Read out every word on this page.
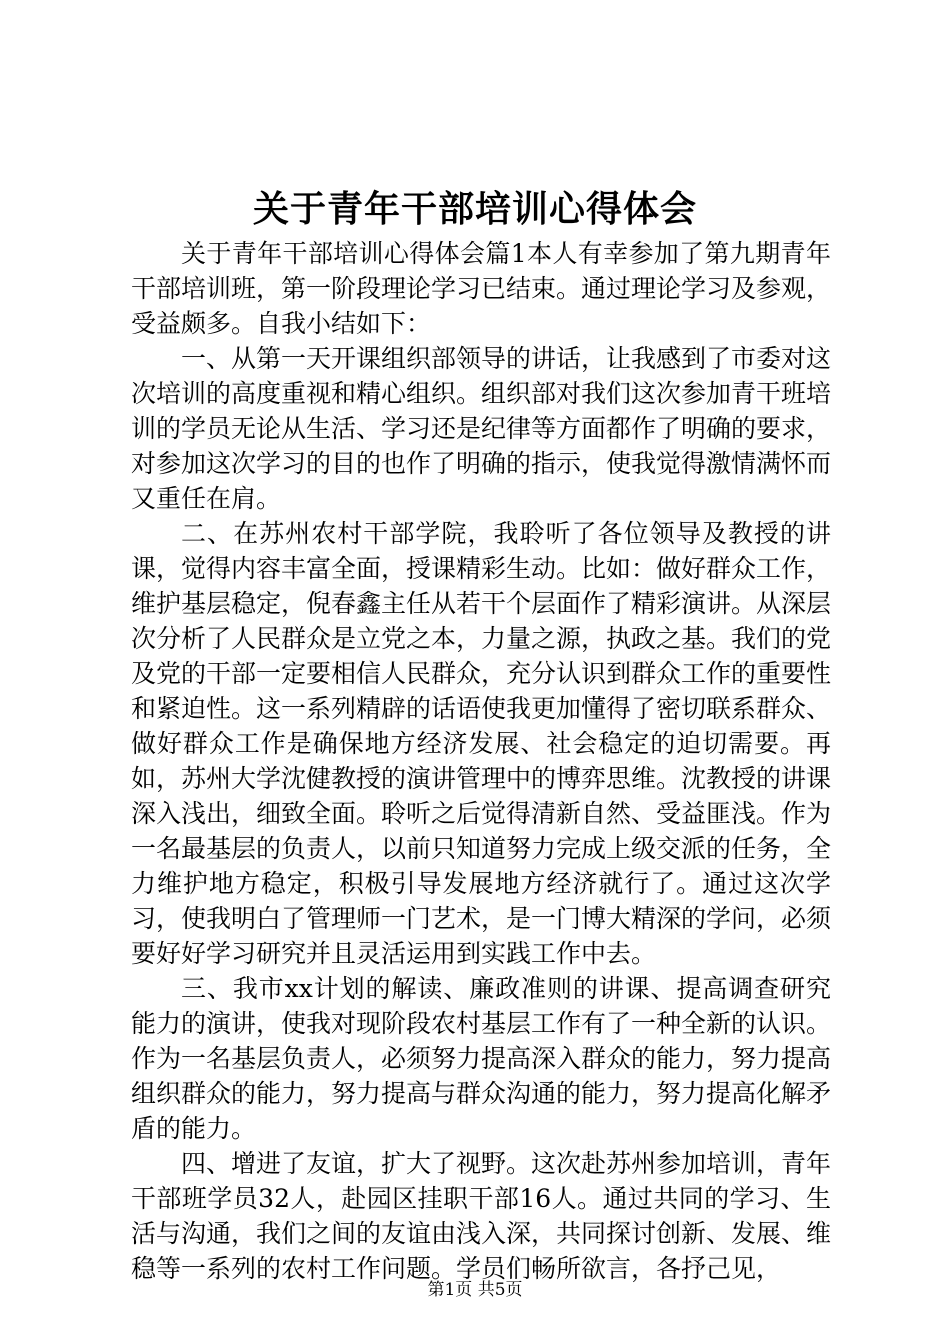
关于青年干部培训心得体会

关于青年干部培训心得体会篇1本人有幸参加了第九期青年干部培训班，第一阶段理论学习已结束。通过理论学习及参观，受益颇多。自我小结如下：

一、从第一天开课组织部领导的讲话，让我感到了市委对这次培训的高度重视和精心组织。组织部对我们这次参加青干班培训的学员无论从生活、学习还是纪律等方面都作了明确的要求，对参加这次学习的目的也作了明确的指示，使我觉得激情满怀而又重任在肩。

二、在苏州农村干部学院，我聆听了各位领导及教授的讲课，觉得内容丰富全面，授课精彩生动。比如：做好群众工作，维护基层稳定，倪春鑫主任从若干个层面作了精彩演讲。从深层次分析了人民群众是立党之本，力量之源，执政之基。我们的党及党的干部一定要相信人民群众，充分认识到群众工作的重要性和紧迫性。这一系列精辟的话语使我更加懂得了密切联系群众、做好群众工作是确保地方经济发展、社会稳定的迫切需要。再如，苏州大学沈健教授的演讲管理中的博弈思维。沈教授的讲课深入浅出，细致全面。聆听之后觉得清新自然、受益匪浅。作为一名最基层的负责人，以前只知道努力完成上级交派的任务，全力维护地方稳定，积极引导发展地方经济就行了。通过这次学习，使我明白了管理师一门艺术，是一门博大精深的学问，必须要好好学习研究并且灵活运用到实践工作中去。

三、我市xx计划的解读、廉政准则的讲课、提高调查研究能力的演讲，使我对现阶段农村基层工作有了一种全新的认识。作为一名基层负责人，必须努力提高深入群众的能力，努力提高组织群众的能力，努力提高与群众沟通的能力，努力提高化解矛盾的能力。

四、增进了友谊，扩大了视野。这次赴苏州参加培训，青年干部班学员32人，赴园区挂职干部16人。通过共同的学习、生活与沟通，我们之间的友谊由浅入深，共同探讨创新、发展、维稳等一系列的农村工作问题。学员们畅所欲言，各抒己见，

第1页 共5页
